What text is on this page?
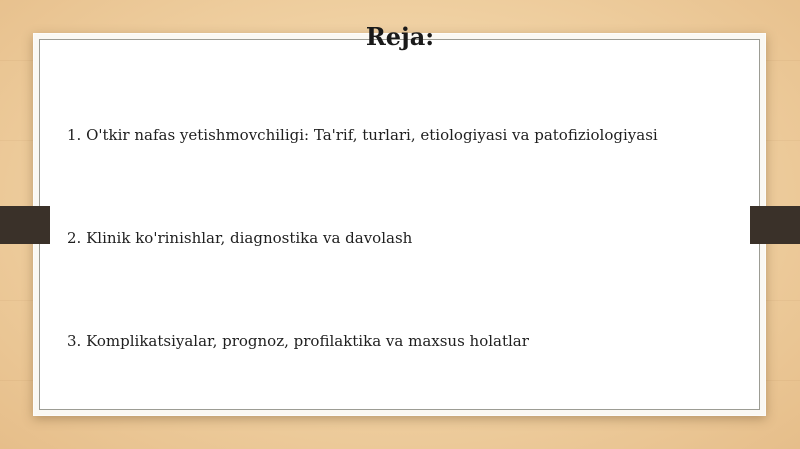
Reja:
1. O'tkir nafas yetishmovchiligi: Ta'rif, turlari, etiologiyasi va patofiziologiyasi
2. Klinik ko'rinishlar, diagnostika va davolash
3. Komplikatsiyalar, prognoz, profilaktika va maxsus holatlar
